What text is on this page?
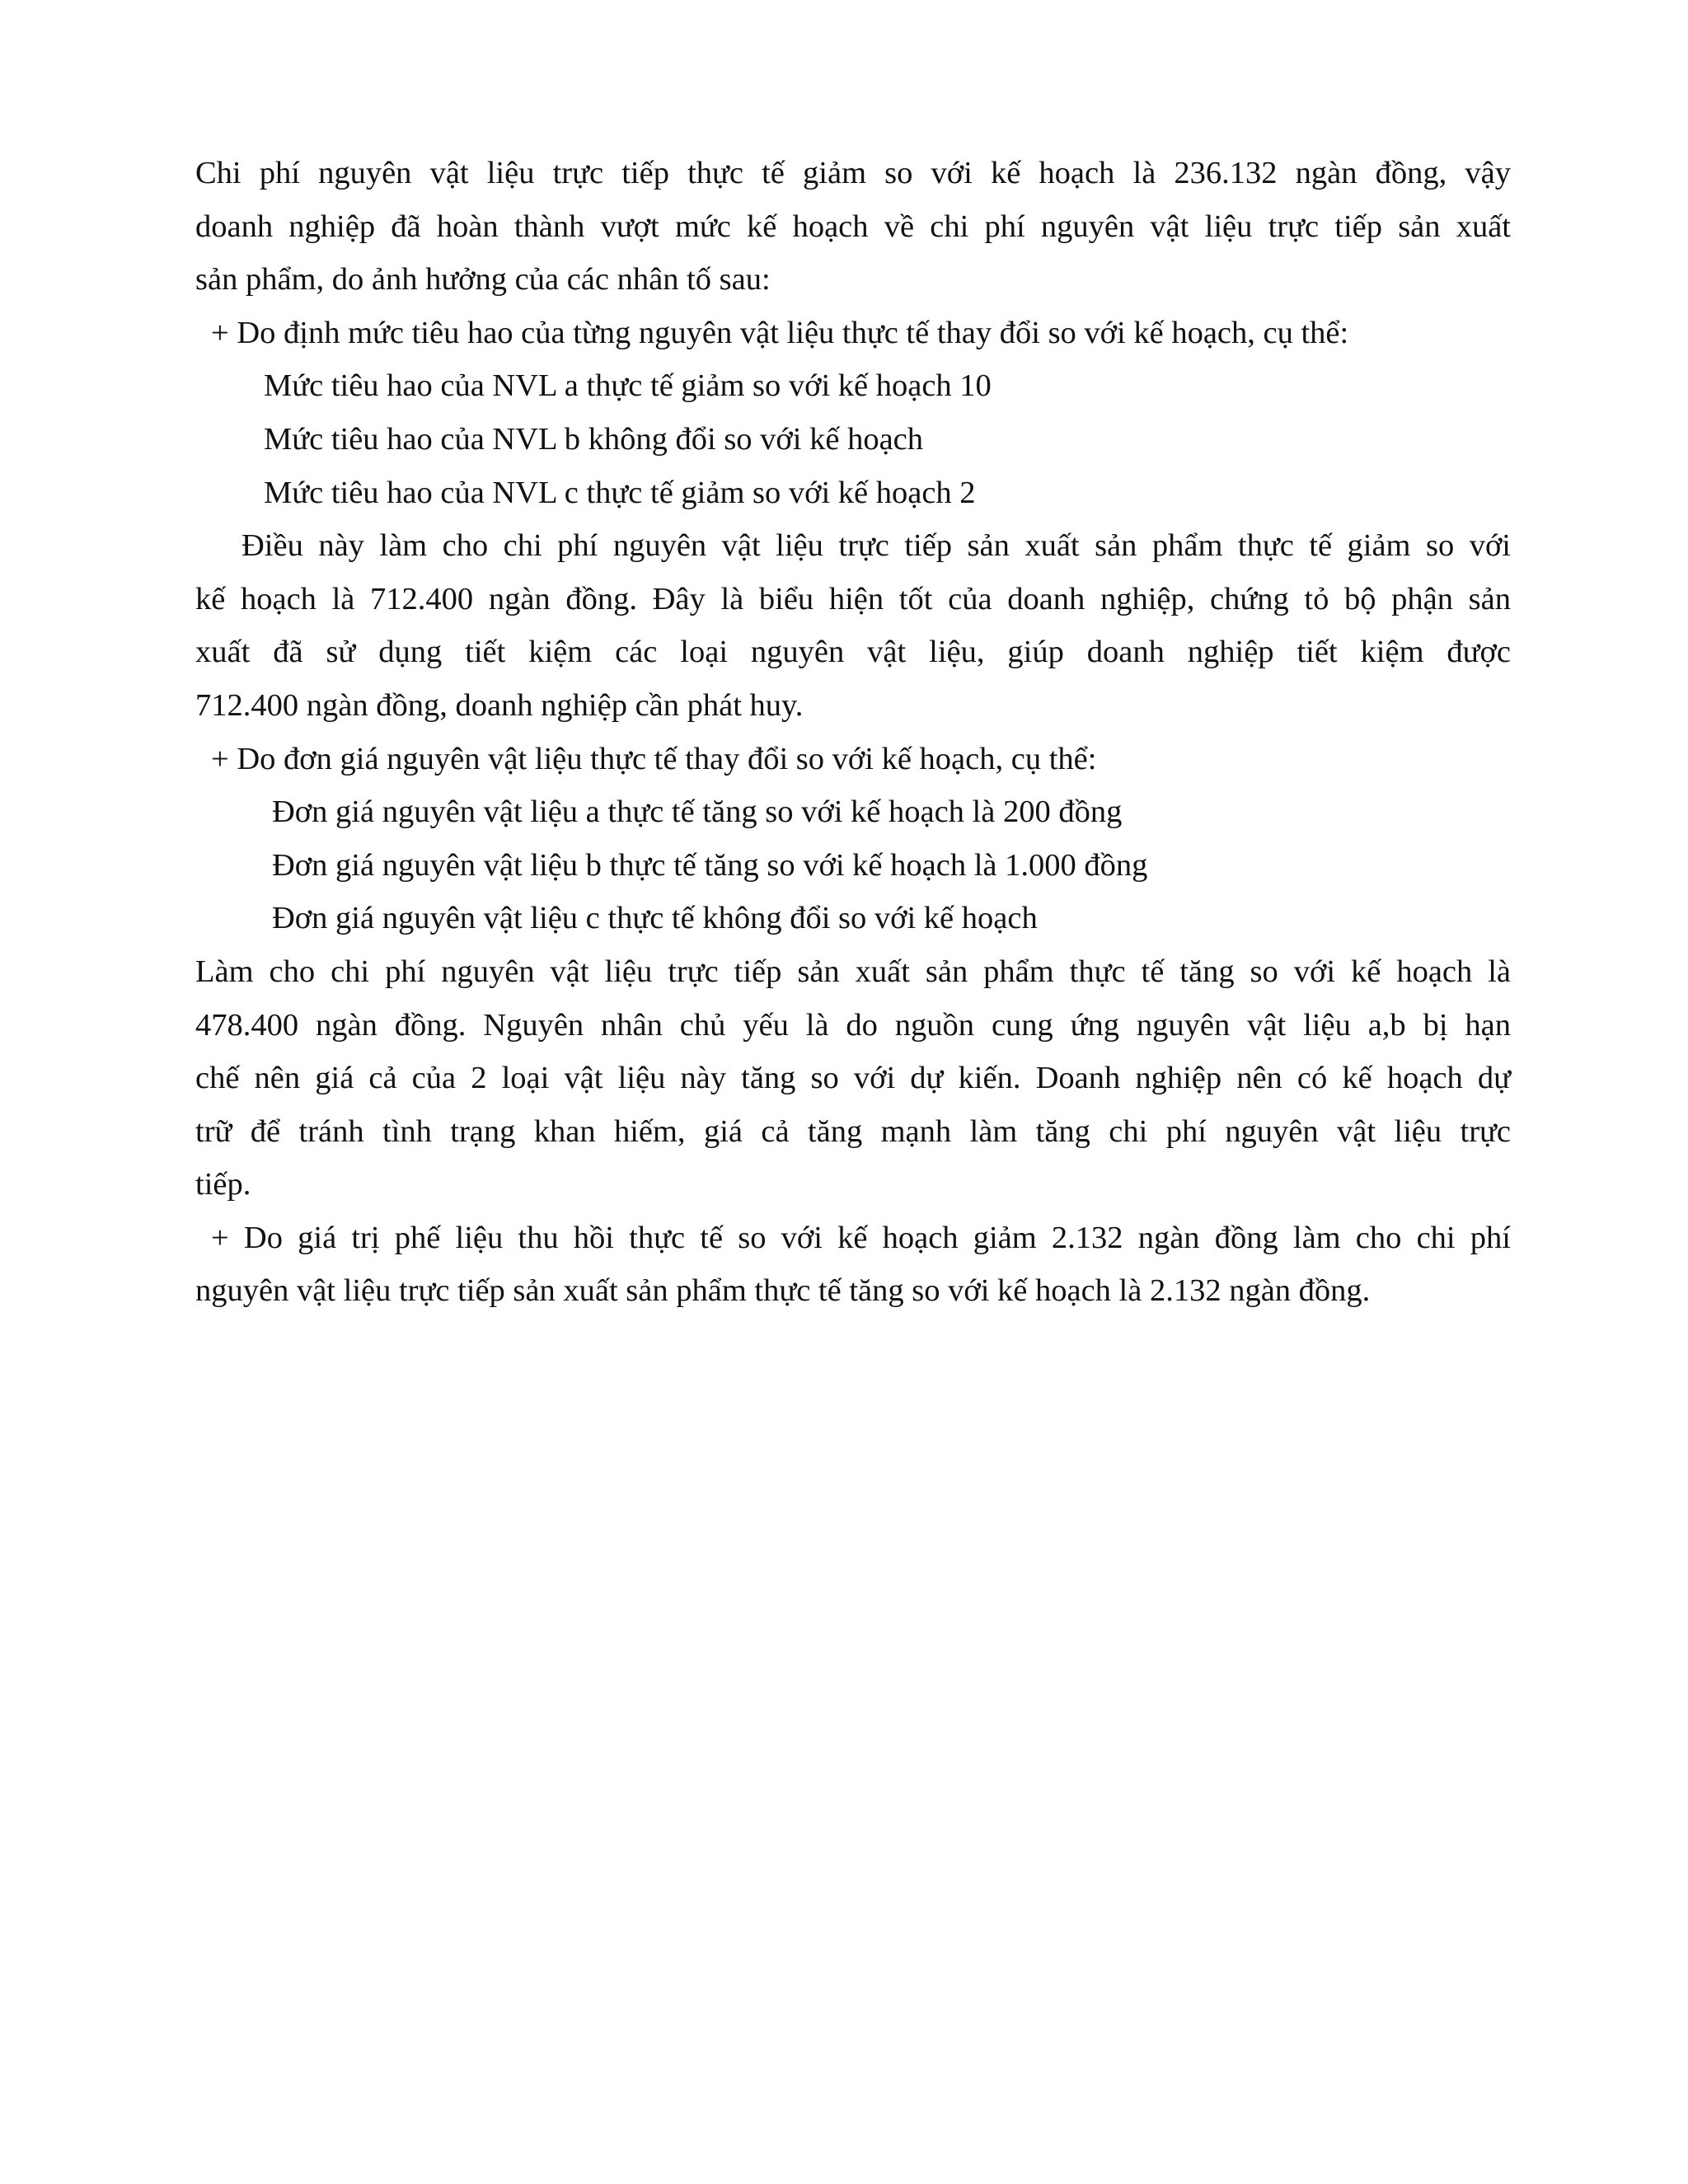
Chi phí nguyên vật liệu trực tiếp thực tế giảm so với kế hoạch là 236.132 ngàn đồng, vậy
doanh nghiệp đã hoàn thành vượt mức kế hoạch về chi phí nguyên vật liệu trực tiếp sản xuất
sản phẩm, do ảnh hưởng của các nhân tố sau:
+ Do định mức tiêu hao của từng nguyên vật liệu thực tế thay đổi so với kế hoạch, cụ thể:
Mức tiêu hao của NVL a thực tế giảm so với kế hoạch 10
Mức tiêu hao của NVL b không đổi so với kế hoạch
Mức tiêu hao của NVL c thực tế giảm so với kế hoạch 2
Điều này làm cho chi phí nguyên vật liệu trực tiếp sản xuất sản phẩm thực tế giảm so với
kế hoạch là 712.400 ngàn đồng. Đây là biểu hiện tốt của doanh nghiệp, chứng tỏ bộ phận sản
xuất đã sử dụng tiết kiệm các loại nguyên vật liệu, giúp doanh nghiệp tiết kiệm được
712.400 ngàn đồng, doanh nghiệp cần phát huy.
+ Do đơn giá nguyên vật liệu thực tế thay đổi so với kế hoạch, cụ thể:
Đơn giá nguyên vật liệu a thực tế tăng so với kế hoạch là 200 đồng
Đơn giá nguyên vật liệu b thực tế tăng so với kế hoạch là 1.000 đồng
Đơn giá nguyên vật liệu c thực tế không đổi so với kế hoạch
Làm cho chi phí nguyên vật liệu trực tiếp sản xuất sản phẩm thực tế tăng so với kế hoạch là
478.400 ngàn đồng. Nguyên nhân chủ yếu là do nguồn cung ứng nguyên vật liệu a,b bị hạn
chế nên giá cả của 2 loại vật liệu này tăng so với dự kiến. Doanh nghiệp nên có kế hoạch dự
trữ để tránh tình trạng khan hiếm, giá cả tăng mạnh làm tăng chi phí nguyên vật liệu trực
tiếp.
+ Do giá trị phế liệu thu hồi thực tế so với kế hoạch giảm 2.132 ngàn đồng làm cho chi phí
nguyên vật liệu trực tiếp sản xuất sản phẩm thực tế tăng so với kế hoạch là 2.132 ngàn đồng.
